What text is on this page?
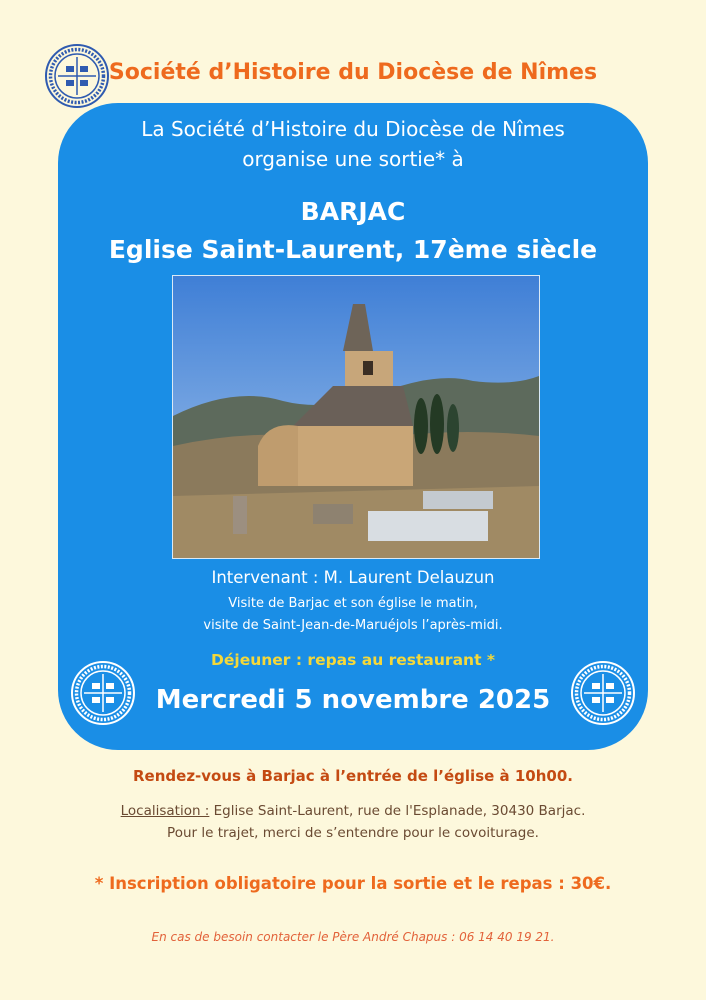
Société d’Histoire du Diocèse de Nîmes
La Société d’Histoire du Diocèse de Nîmes
organise une sortie* à
BARJAC
Eglise Saint-Laurent, 17ème siècle
Intervenant : M. Laurent Delauzun
Visite de Barjac et son église le matin,
visite de Saint-Jean-de-Maruéjols l’après-midi.
Déjeuner : repas au restaurant *
Mercredi 5 novembre 2025
Rendez-vous à Barjac à l’entrée de l’église à 10h00.
Localisation : Eglise Saint-Laurent, rue de l'Esplanade, 30430 Barjac.
Pour le trajet, merci de s’entendre pour le covoiturage.
* Inscription obligatoire pour la sortie et le repas : 30€.
En cas de besoin contacter le Père André Chapus : 06 14 40 19 21.
